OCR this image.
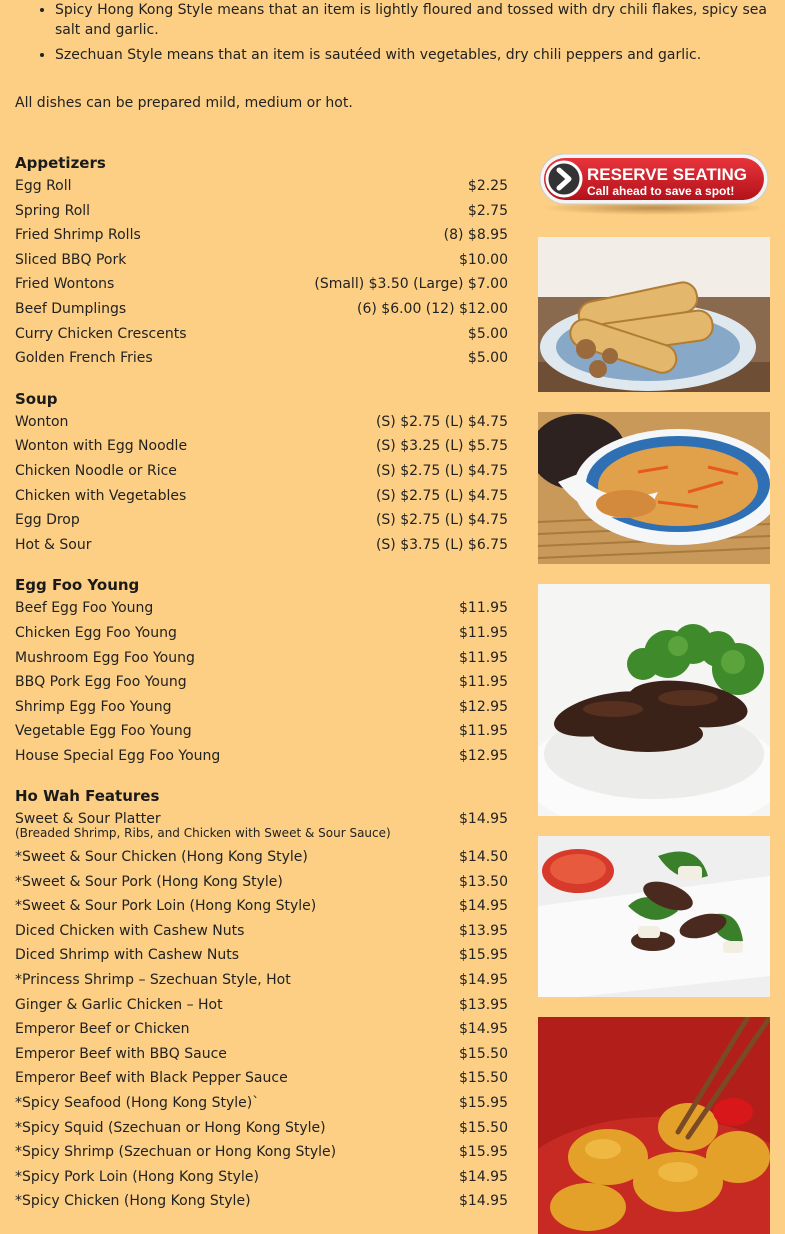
• Spicy Hong Kong Style means that an item is lightly floured and tossed with dry chili flakes, spicy sea salt and garlic.
• Szechuan Style means that an item is sautéed with vegetables, dry chili peppers and garlic.
All dishes can be prepared mild, medium or hot.
Appetizers
Egg Roll	$2.25
Spring Roll	$2.75
Fried Shrimp Rolls	(8) $8.95
Sliced BBQ Pork	$10.00
Fried Wontons	(Small) $3.50 (Large) $7.00
Beef Dumplings	(6) $6.00 (12) $12.00
Curry Chicken Crescents	$5.00
Golden French Fries	$5.00
Soup
Wonton	(S) $2.75 (L) $4.75
Wonton with Egg Noodle	(S) $3.25 (L) $5.75
Chicken Noodle or Rice	(S) $2.75 (L) $4.75
Chicken with Vegetables	(S) $2.75 (L) $4.75
Egg Drop	(S) $2.75 (L) $4.75
Hot & Sour	(S) $3.75 (L) $6.75
Egg Foo Young
Beef Egg Foo Young	$11.95
Chicken Egg Foo Young	$11.95
Mushroom Egg Foo Young	$11.95
BBQ Pork Egg Foo Young	$11.95
Shrimp Egg Foo Young	$12.95
Vegetable Egg Foo Young	$11.95
House Special Egg Foo Young	$12.95
Ho Wah Features
Sweet & Sour Platter	$14.95
(Breaded Shrimp, Ribs, and Chicken with Sweet & Sour Sauce)
*Sweet & Sour Chicken (Hong Kong Style)	$14.50
*Sweet & Sour Pork (Hong Kong Style)	$13.50
*Sweet & Sour Pork Loin (Hong Kong Style)	$14.95
Diced Chicken with Cashew Nuts	$13.95
Diced Shrimp with Cashew Nuts	$15.95
*Princess Shrimp – Szechuan Style, Hot	$14.95
Ginger & Garlic Chicken – Hot	$13.95
Emperor Beef or Chicken	$14.95
Emperor Beef with BBQ Sauce	$15.50
Emperor Beef with Black Pepper Sauce	$15.50
*Spicy Seafood (Hong Kong Style)`	$15.95
*Spicy Squid (Szechuan or Hong Kong Style)	$15.50
*Spicy Shrimp (Szechuan or Hong Kong Style)	$15.95
*Spicy Pork Loin (Hong Kong Style)	$14.95
*Spicy Chicken (Hong Kong Style)	$14.95
RESERVE SEATING
Call ahead to save a spot!
